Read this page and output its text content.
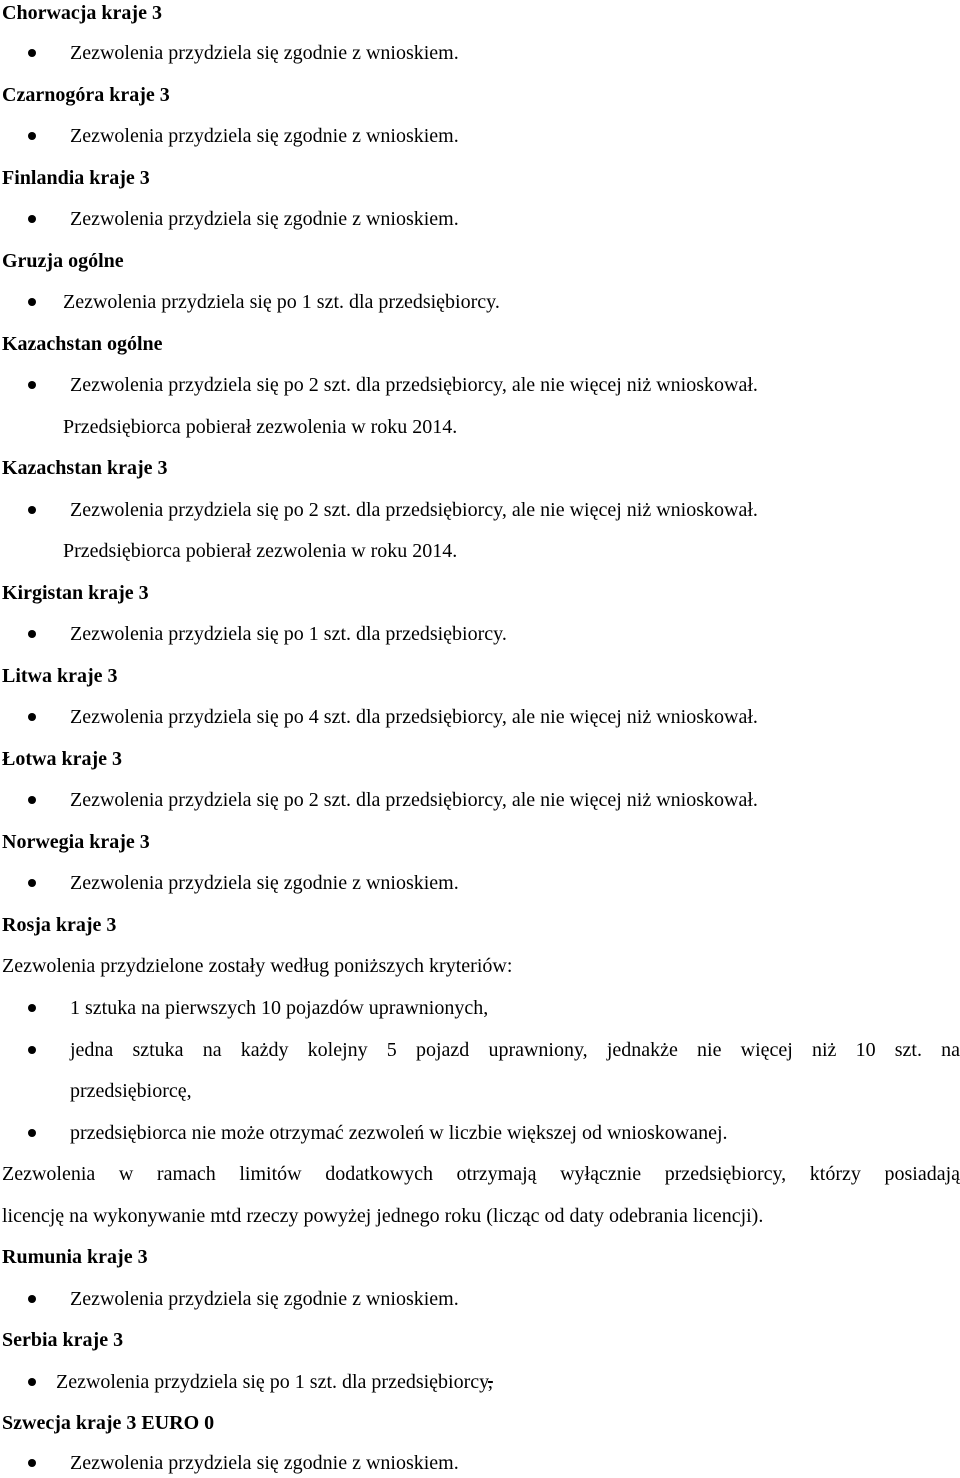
Chorwacja kraje 3
Zezwolenia przydziela się zgodnie z wnioskiem.
Czarnogóra kraje 3
Zezwolenia przydziela się zgodnie z wnioskiem.
Finlandia kraje 3
Zezwolenia przydziela się zgodnie z wnioskiem.
Gruzja ogólne
Zezwolenia przydziela się po 1 szt. dla przedsiębiorcy.
Kazachstan ogólne
Zezwolenia przydziela się po 2 szt. dla przedsiębiorcy, ale nie więcej niż wnioskował.
Przedsiębiorca pobierał zezwolenia w roku 2014.
Kazachstan kraje 3
Zezwolenia przydziela się po 2 szt. dla przedsiębiorcy, ale nie więcej niż wnioskował.
Przedsiębiorca pobierał zezwolenia w roku 2014.
Kirgistan kraje 3
Zezwolenia przydziela się po 1 szt. dla przedsiębiorcy.
Litwa kraje 3
Zezwolenia przydziela się po 4 szt. dla przedsiębiorcy, ale nie więcej niż wnioskował.
Łotwa kraje 3
Zezwolenia przydziela się po 2 szt. dla przedsiębiorcy, ale nie więcej niż wnioskował.
Norwegia kraje 3
Zezwolenia przydziela się zgodnie z wnioskiem.
Rosja kraje 3
Zezwolenia przydzielone zostały według poniższych kryteriów:
1 sztuka na pierwszych 10 pojazdów uprawnionych,
jedna sztuka na każdy kolejny 5 pojazd uprawniony, jednakże nie więcej niż 10 szt. na
przedsiębiorcę,
przedsiębiorca nie może otrzymać zezwoleń w liczbie większej od wnioskowanej.
Zezwolenia w ramach limitów dodatkowych otrzymają wyłącznie przedsiębiorcy, którzy posiadają
licencję na wykonywanie mtd rzeczy powyżej jednego roku (licząc od daty odebrania licencji).
Rumunia kraje 3
Zezwolenia przydziela się zgodnie z wnioskiem.
Serbia kraje 3
Zezwolenia przydziela się po 1 szt. dla przedsiębiorcy,
Szwecja kraje 3 EURO 0
Zezwolenia przydziela się zgodnie z wnioskiem.
